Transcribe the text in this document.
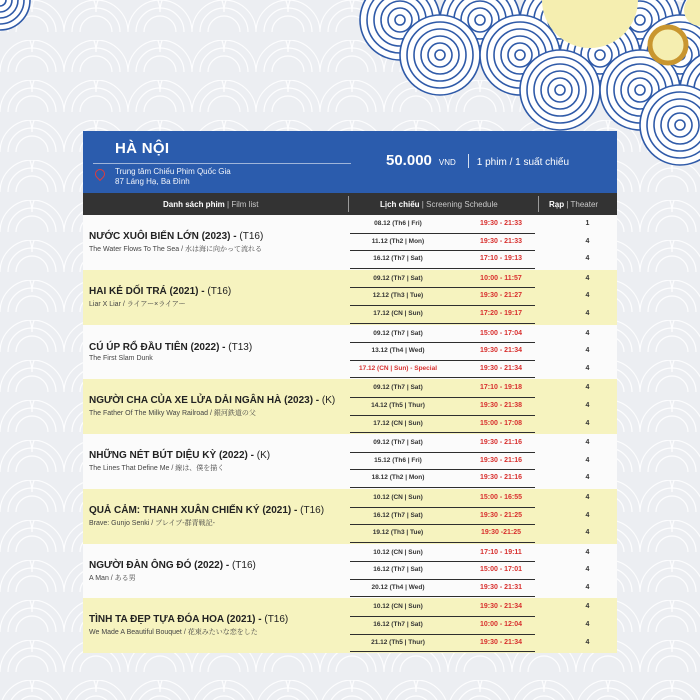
HÀ NỘI
Trung tâm Chiếu Phim Quốc Gia
87 Láng Hạ, Ba Đình
50.000 VND 1 phim / 1 suất chiếu
Danh sách phim | Film list	Lịch chiếu | Screening Schedule	Rạp | Theater
NƯỚC XUÔI BIỂN LỚN (2023) - (T16)
The Water Flows To The Sea / 水は海に向かって流れる
08.12 (Th6 | Fri)	19:30 - 21:33	1
11.12 (Th2 | Mon)	19:30 - 21:33	4
16.12 (Th7 | Sat)	17:10 - 19:13	4
HAI KẺ DỐI TRÁ (2021) - (T16)
Liar X Liar / ライアー×ライアー
09.12 (Th7 | Sat)	10:00 - 11:57	4
12.12 (Th3 | Tue)	19:30 - 21:27	4
17.12 (CN | Sun)	17:20 - 19:17	4
CÚ ÚP RỔ ĐẦU TIÊN (2022) - (T13)
The First Slam Dunk
09.12 (Th7 | Sat)	15:00 - 17:04	4
13.12 (Th4 | Wed)	19:30 - 21:34	4
17.12 (CN | Sun) - Special	19:30 - 21:34	4
NGƯỜI CHA CỦA XE LỬA DẢI NGÂN HÀ (2023) - (K)
The Father Of The Milky Way Railroad / 銀河鉄道の父
09.12 (Th7 | Sat)	17:10 - 19:18	4
14.12 (Th5 | Thur)	19:30 - 21:38	4
17.12 (CN | Sun)	15:00 - 17:08	4
NHỮNG NÉT BÚT DIỆU KỲ (2022) - (K)
The Lines That Define Me / 線は、僕を描く
09.12 (Th7 | Sat)	19:30 - 21:16	4
15.12 (Th6 | Fri)	19:30 - 21:16	4
18.12 (Th2 | Mon)	19:30 - 21:16	4
QUẢ CẢM: THANH XUÂN CHIẾN KÝ (2021) - (T16)
Brave: Gunjo Senki / ブレイブ-群青戦記-
10.12 (CN | Sun)	15:00 - 16:55	4
16.12 (Th7 | Sat)	19:30 - 21:25	4
19.12 (Th3 | Tue)	19:30 -21:25	4
NGƯỜI ĐÀN ÔNG ĐÓ (2022) - (T16)
A Man / ある男
10.12 (CN | Sun)	17:10 - 19:11	4
16.12 (Th7 | Sat)	15:00 - 17:01	4
20.12 (Th4 | Wed)	19:30 - 21:31	4
TÌNH TA ĐẸP TỰA ĐÓA HOA (2021) - (T16)
We Made A Beautiful Bouquet / 花束みたいな恋をした
10.12 (CN | Sun)	19:30 - 21:34	4
16.12 (Th7 | Sat)	10:00 - 12:04	4
21.12 (Th5 | Thur)	19:30 - 21:34	4
